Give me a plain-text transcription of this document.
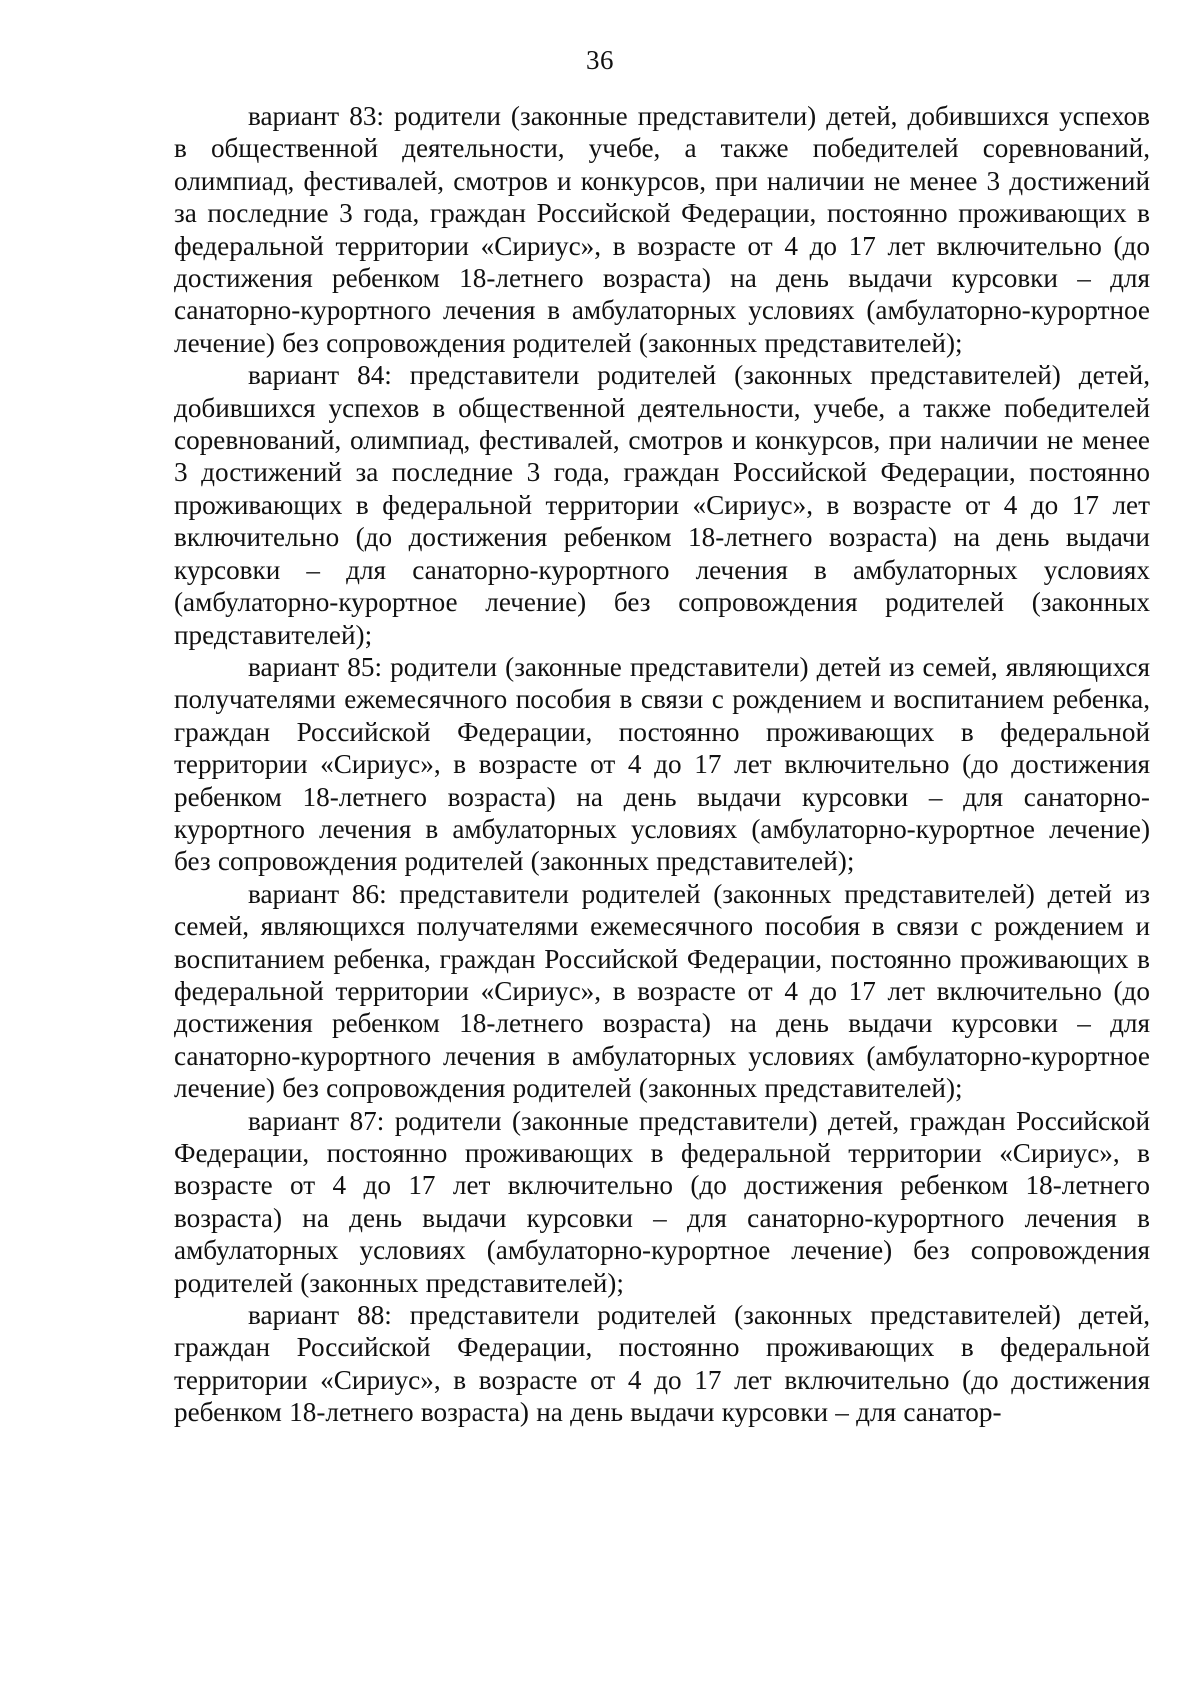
36

вариант 83: родители (законные представители) детей, добившихся успехов в общественной деятельности, учебе, а также победителей соревнований, олимпиад, фестивалей, смотров и конкурсов, при наличии не менее 3 достижений за последние 3 года, граждан Российской Федерации, постоянно проживающих в федеральной территории «Сириус», в возрасте от 4 до 17 лет включительно (до достижения ребенком 18-летнего возраста) на день выдачи курсовки – для санаторно-курортного лечения в амбулаторных условиях (амбулаторно-курортное лечение) без сопровождения родителей (законных представителей);

вариант 84: представители родителей (законных представителей) детей, добившихся успехов в общественной деятельности, учебе, а также победителей соревнований, олимпиад, фестивалей, смотров и конкурсов, при наличии не менее 3 достижений за последние 3 года, граждан Российской Федерации, постоянно проживающих в федеральной территории «Сириус», в возрасте от 4 до 17 лет включительно (до достижения ребенком 18-летнего возраста) на день выдачи курсовки – для санаторно-курортного лечения в амбулаторных условиях (амбулаторно-курортное лечение) без сопровождения родителей (законных представителей);

вариант 85: родители (законные представители) детей из семей, являющихся получателями ежемесячного пособия в связи с рождением и воспитанием ребенка, граждан Российской Федерации, постоянно проживающих в федеральной территории «Сириус», в возрасте от 4 до 17 лет включительно (до достижения ребенком 18-летнего возраста) на день выдачи курсовки – для санаторно-курортного лечения в амбулаторных условиях (амбулаторно-курортное лечение) без сопровождения родителей (законных представителей);

вариант 86: представители родителей (законных представителей) детей из семей, являющихся получателями ежемесячного пособия в связи с рождением и воспитанием ребенка, граждан Российской Федерации, постоянно проживающих в федеральной территории «Сириус», в возрасте от 4 до 17 лет включительно (до достижения ребенком 18-летнего возраста) на день выдачи курсовки – для санаторно-курортного лечения в амбулаторных условиях (амбулаторно-курортное лечение) без сопровождения родителей (законных представителей);

вариант 87: родители (законные представители) детей, граждан Российской Федерации, постоянно проживающих в федеральной территории «Сириус», в возрасте от 4 до 17 лет включительно (до достижения ребенком 18-летнего возраста) на день выдачи курсовки – для санаторно-курортного лечения в амбулаторных условиях (амбулаторно-курортное лечение) без сопровождения родителей (законных представителей);

вариант 88: представители родителей (законных представителей) детей, граждан Российской Федерации, постоянно проживающих в федеральной территории «Сириус», в возрасте от 4 до 17 лет включительно (до достижения ребенком 18-летнего возраста) на день выдачи курсовки – для санатор-
